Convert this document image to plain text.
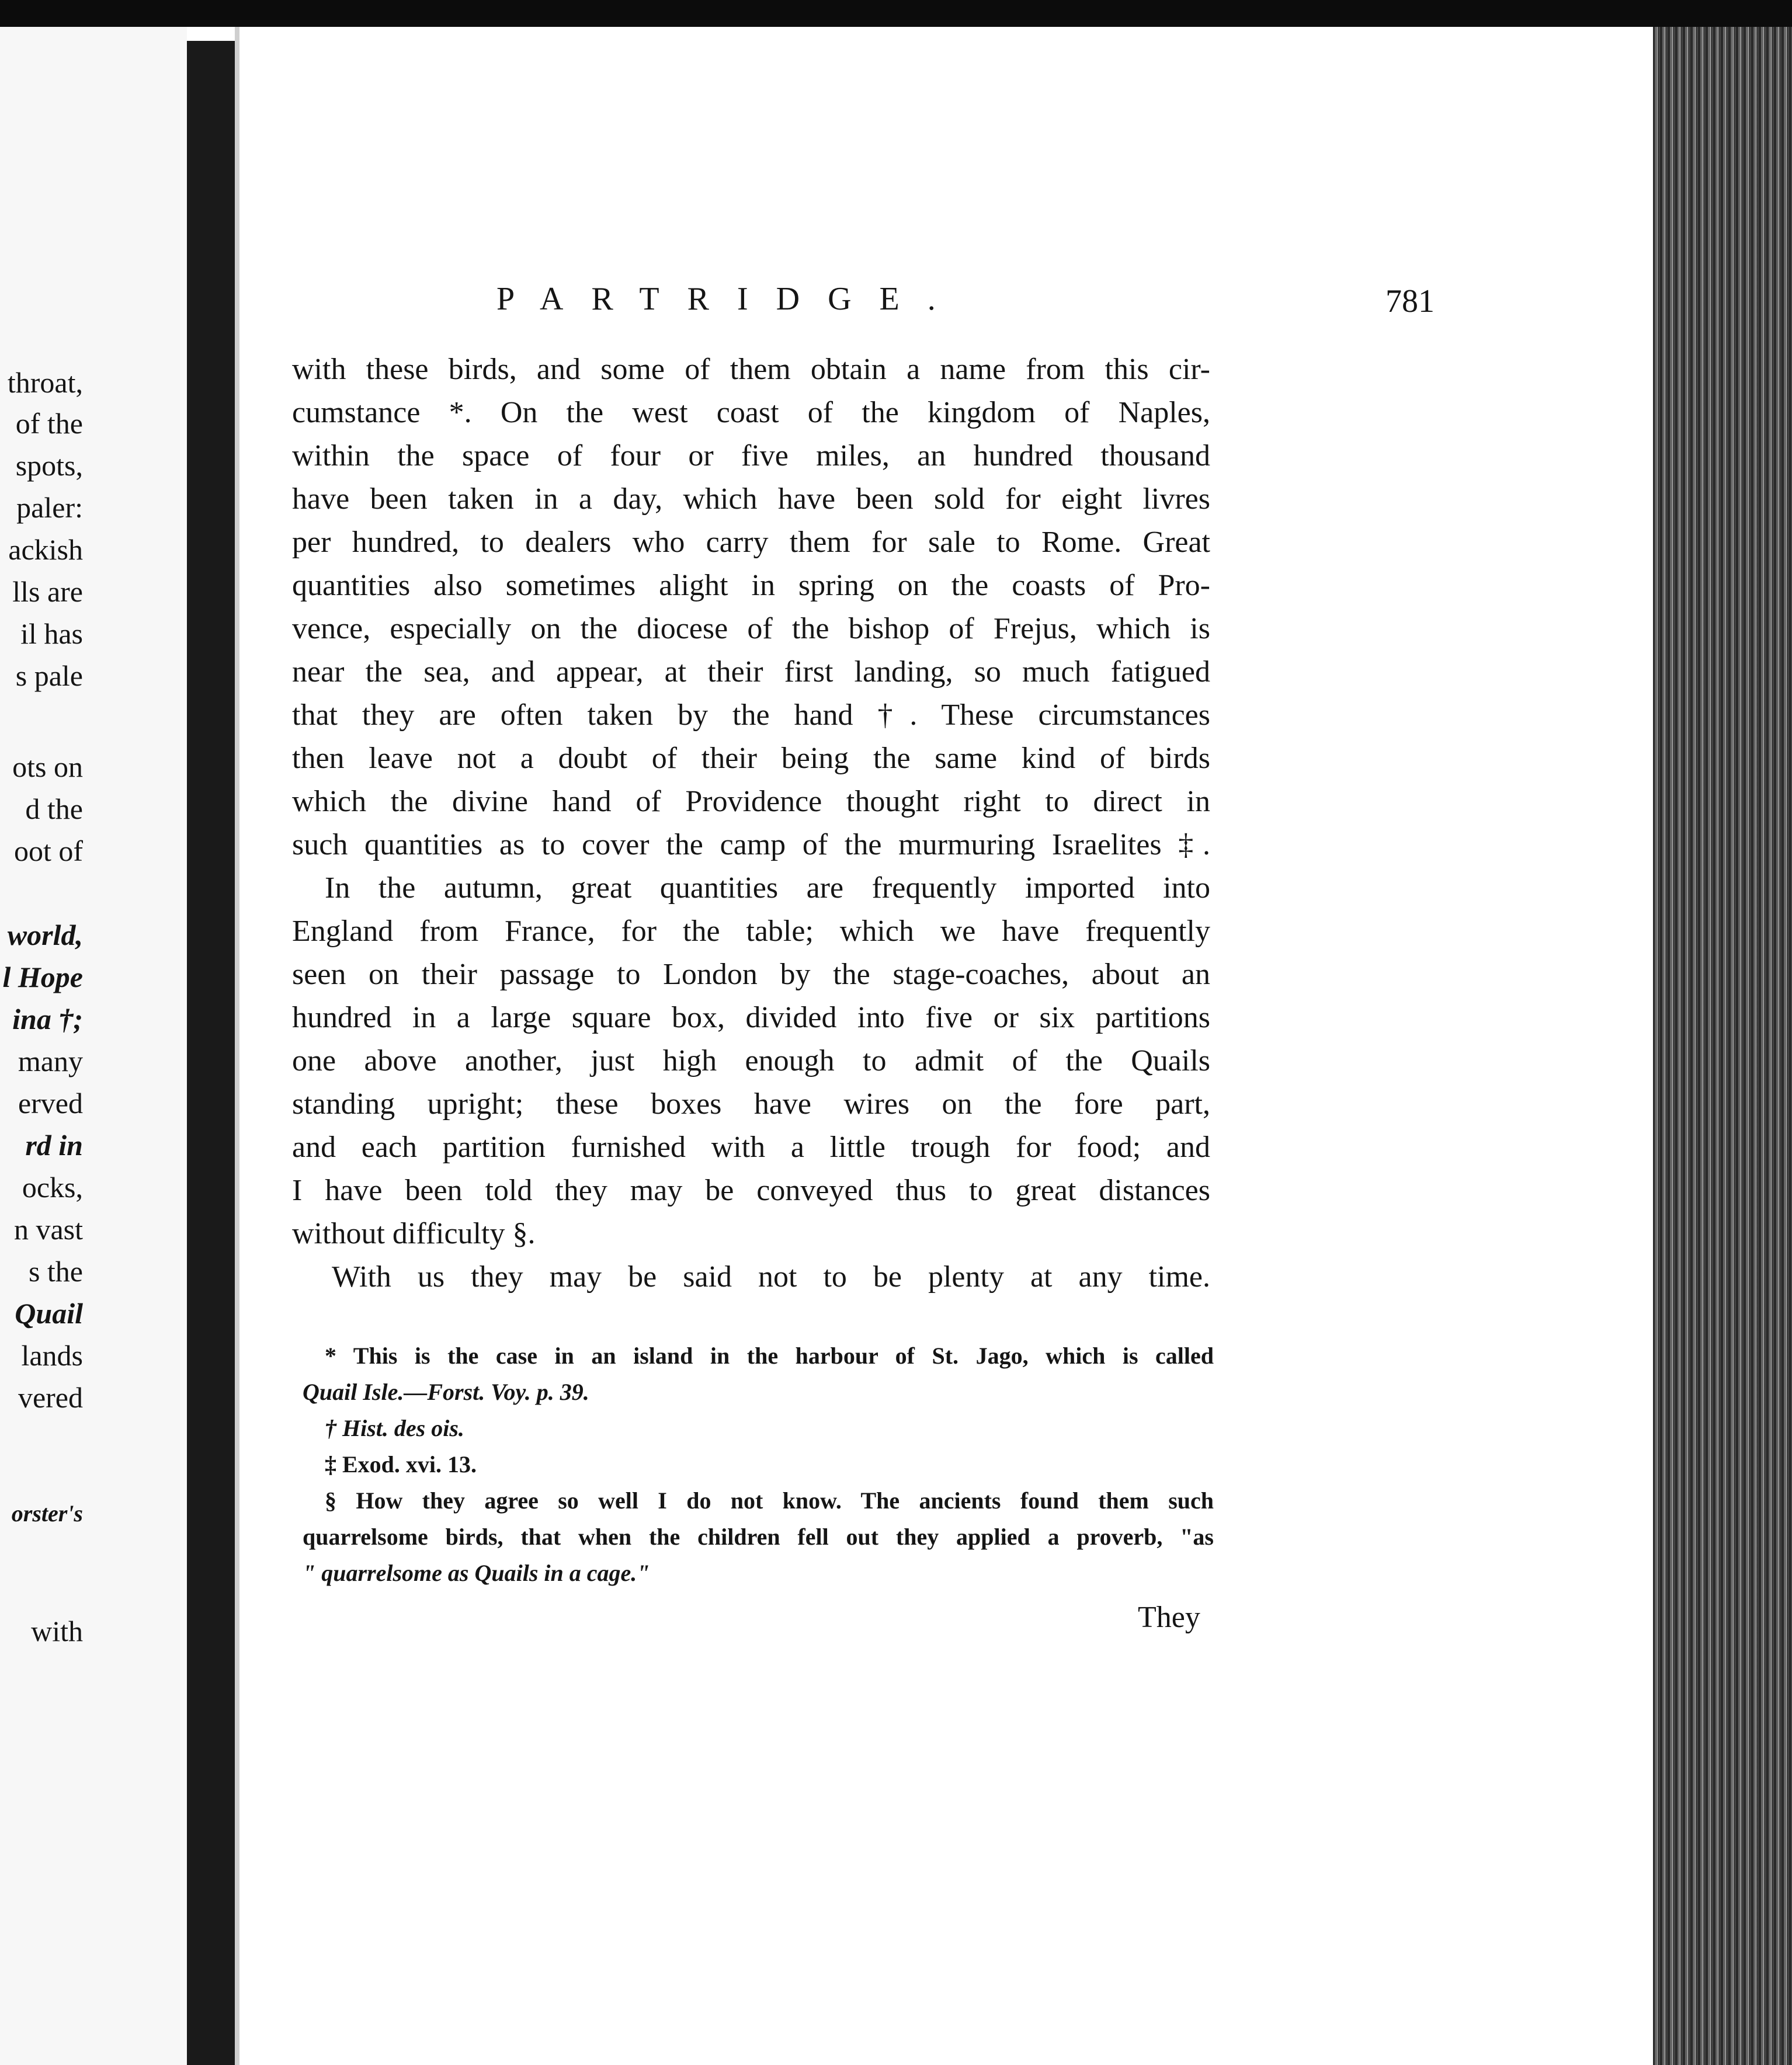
throat,
of the
spots,
paler:
ackish
lls are
il has
s pale
ots on
d the
oot of
world,
l Hope
ina †;
many
erved
rd in
ocks,
n vast
s the
Quail
lands
vered
orster's
with
PARTRIDGE.	781
with these birds, and some of them obtain a name from this cir-
cumstance *. On the west coast of the kingdom of Naples,
within the space of four or five miles, an hundred thousand
have been taken in a day, which have been sold for eight livres
per hundred, to dealers who carry them for sale to Rome. Great
quantities also sometimes alight in spring on the coasts of Pro-
vence, especially on the diocese of the bishop of Frejus, which is
near the sea, and appear, at their first landing, so much fatigued
that they are often taken by the hand †. These circumstances
then leave not a doubt of their being the same kind of birds
which the divine hand of Providence thought right to direct in
such quantities as to cover the camp of the murmuring Israelites ‡.
In the autumn, great quantities are frequently imported into
England from France, for the table; which we have frequently
seen on their passage to London by the stage-coaches, about an
hundred in a large square box, divided into five or six partitions
one above another, just high enough to admit of the Quails
standing upright; these boxes have wires on the fore part,
and each partition furnished with a little trough for food; and
I have been told they may be conveyed thus to great distances
without difficulty §.
With us they may be said not to be plenty at any time.
* This is the case in an island in the harbour of St. Jago, which is called
Quail Isle.—Forst. Voy. p. 39.
† Hist. des ois.
‡ Exod. xvi. 13.
§ How they agree so well I do not know. The ancients found them such
quarrelsome birds, that when the children fell out they applied a proverb, "as
" quarrelsome as Quails in a cage."
They
